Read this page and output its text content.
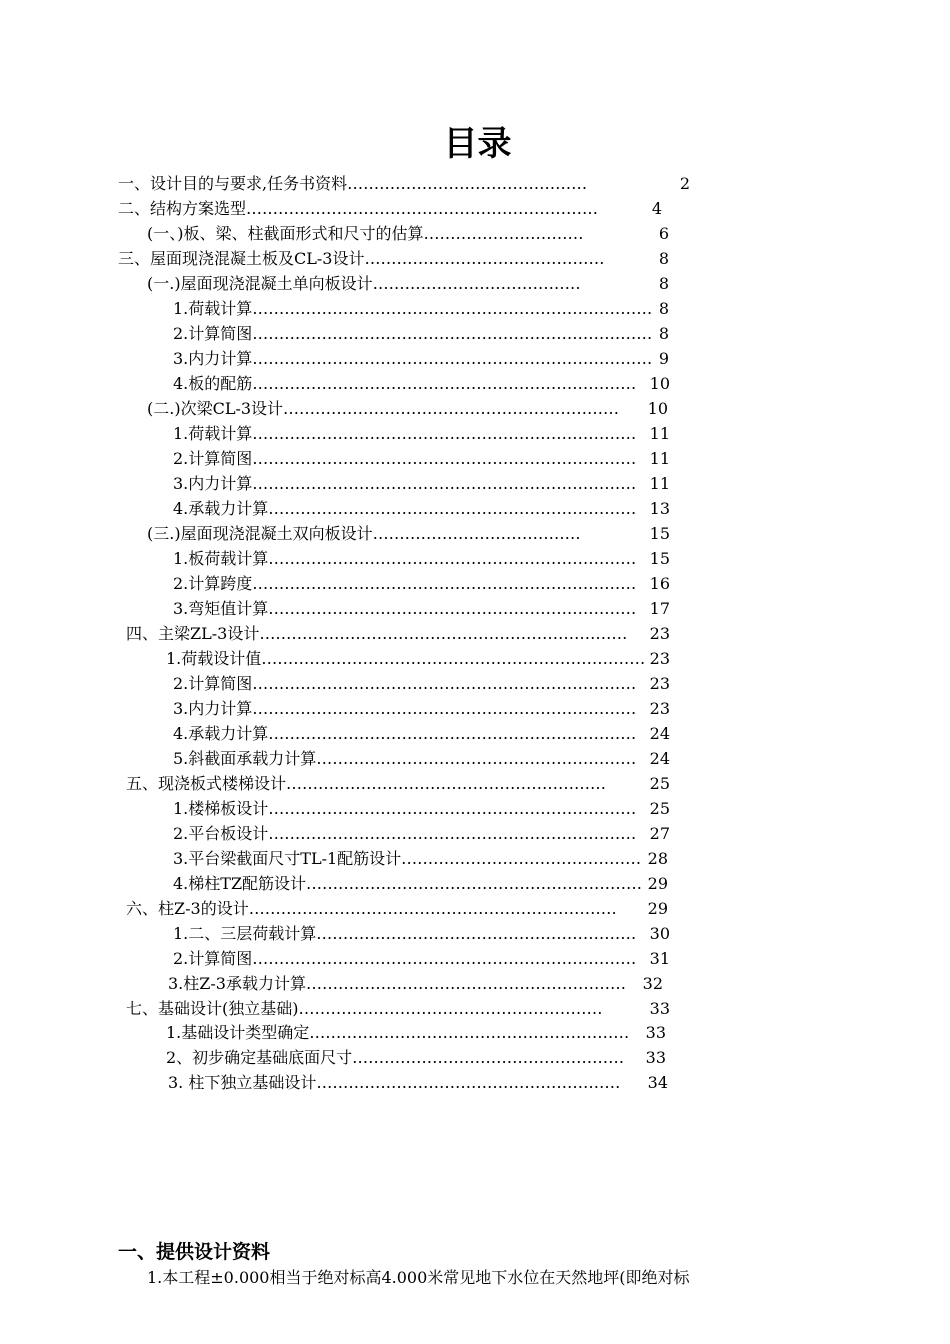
目录
一、设计目的与要求,任务书资料………………………………………	2
二、结构方案选型…………………………………………………………	4
(一、)板、梁、柱截面形式和尺寸的估算…………………………	6
三、屋面现浇混凝土板及CL-3设计………………………………………	8
(一.)屋面现浇混凝土单向板设计…………………………………	8
1.荷载计算………………………………………………………………… 8
2.计算简图………………………………………………………………… 8
3.内力计算………………………………………………………………… 9
4.板的配筋……………………………………………………………… 10
(二.)次梁CL-3设计……………………………………………………… 10
1.荷载计算……………………………………………………………… 11
2.计算简图……………………………………………………………… 11
3.内力计算……………………………………………………………… 11
4.承载力计算…………………………………………………………… 13
(三.)屋面现浇混凝土双向板设计…………………………………	15
1.板荷载计算…………………………………………………………… 15
2.计算跨度……………………………………………………………… 16
3.弯矩值计算…………………………………………………………… 17
四、主梁ZL-3设计…………………………………………………………… 23
1.荷载设计值……………………………………………………………… 23
2.计算简图……………………………………………………………… 23
3.内力计算……………………………………………………………… 23
4.承载力计算…………………………………………………………… 24
5.斜截面承载力计算…………………………………………………… 24
五、现浇板式楼梯设计……………………………………………………	25
1.楼梯板设计…………………………………………………………… 25
2.平台板设计…………………………………………………………… 27
3.平台梁截面尺寸TL-1配筋设计……………………………………… 28
4.梯柱TZ配筋设计……………………………………………………… 29
六、柱Z-3的设计…………………………………………………………… 29
1.二、三层荷载计算…………………………………………………… 30
2.计算简图……………………………………………………………… 31
3.柱Z-3承载力计算…………………………………………………… 32
七、基础设计(独立基础)…………………………………………………	33
1.基础设计类型确定…………………………………………………… 33
2、初步确定基础底面尺寸…………………………………………… 33
3. 柱下独立基础设计………………………………………………… 34
一、提供设计资料
1.本工程±0.000相当于绝对标高4.000米常见地下水位在天然地坪(即绝对标
